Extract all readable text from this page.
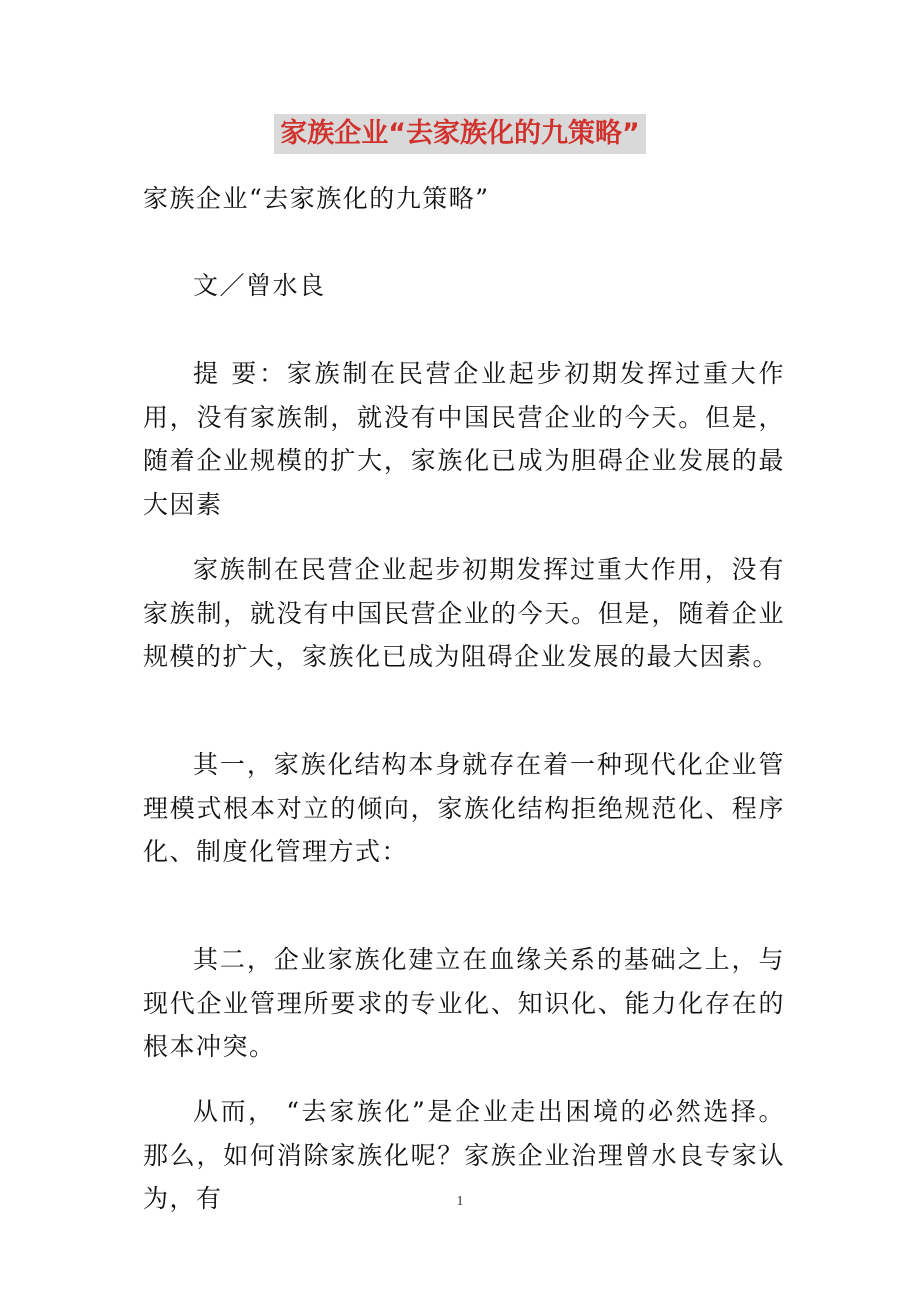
家族企业“去家族化的九策略”

家族企业“去家族化的九策略”

文／曾水良

提 要：家族制在民营企业起步初期发挥过重大作用，没有家族制，就没有中国民营企业的今天。但是，随着企业规模的扩大，家族化已成为胆碍企业发展的最大因素

家族制在民营企业起步初期发挥过重大作用，没有家族制，就没有中国民营企业的今天。但是，随着企业规模的扩大，家族化已成为阻碍企业发展的最大因素。

其一，家族化结构本身就存在着一种现代化企业管理模式根本对立的倾向，家族化结构拒绝规范化、程序化、制度化管理方式：

其二，企业家族化建立在血缘关系的基础之上，与现代企业管理所要求的专业化、知识化、能力化存在的根本冲突。

从而， “去家族化”是企业走出困境的必然选择。那么，如何消除家族化呢？家族企业治理曾水良专家认为，有	1
